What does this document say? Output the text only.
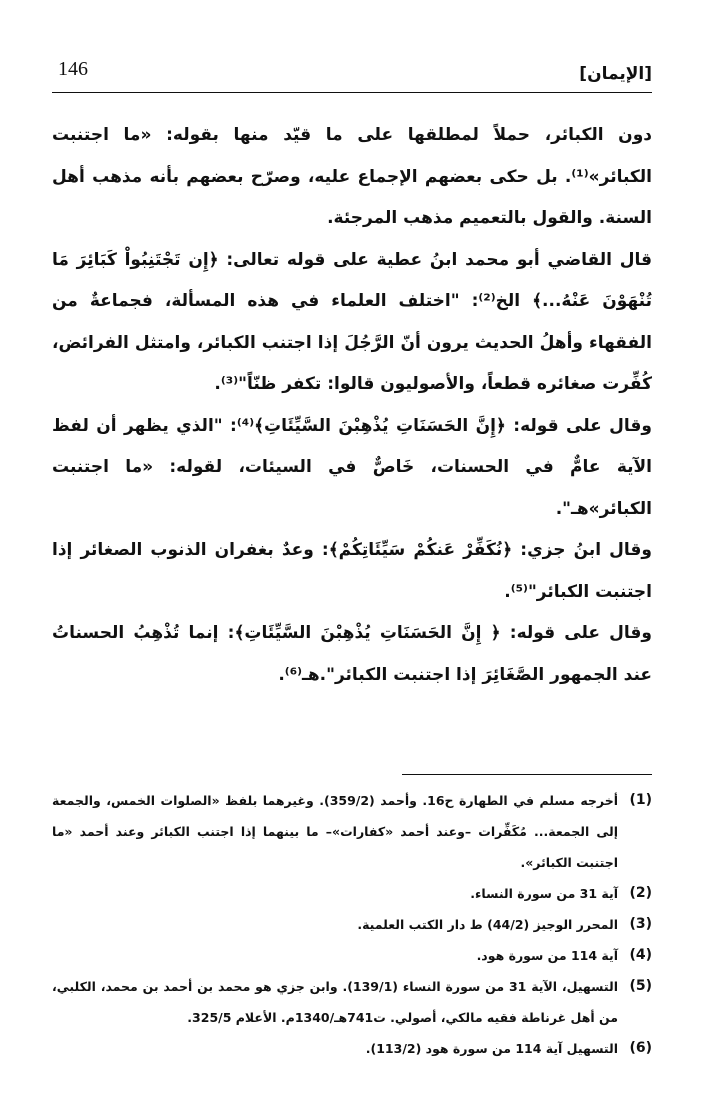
[الإيمان]
146

دون الكبائر، حملاً لمطلقها على ما قيّد منها بقوله: «ما اجتنبت الكبائر»⁽¹⁾. بل حكى بعضهم الإجماع عليه، وصرّح بعضهم بأنه مذهب أهل السنة. والقول بالتعميم مذهب المرجئة.

قال القاضي أبو محمد ابنُ عطية على قوله تعالى: ﴿إِن تَجْتَنِبُواْ كَبَائِرَ مَا تُنْهَوْنَ عَنْهُ...﴾ الخ⁽²⁾: "اختلف العلماء في هذه المسألة، فجماعةٌ من الفقهاء وأهلُ الحديث يرون أنّ الرَّجُلَ إذا اجتنب الكبائر، وامتثل الفرائض، كُفِّرت صغائره قطعاً، والأصوليون قالوا: تكفر ظنّاً"⁽³⁾.

وقال على قوله: ﴿إِنَّ الحَسَنَاتِ يُذْهِبْنَ السَّيِّئَاتِ﴾⁽⁴⁾: "الذي يظهر أن لفظ الآية عامٌّ في الحسنات، خَاصٌّ في السيئات، لقوله: «ما اجتنبت الكبائر»هـ".

وقال ابنُ جزي: ﴿نُكَفِّرْ عَنكُمْ سَيِّئَاتِكُمْ﴾: وعدٌ بغفران الذنوب الصغائر إذا اجتنبت الكبائر"⁽⁵⁾.

وقال على قوله: ﴿ إِنَّ الحَسَنَاتِ يُذْهِبْنَ السَّيِّئَاتِ﴾: إنما تُذْهِبُ الحسناتُ عند الجمهور الصَّغَائِرَ إذا اجتنبت الكبائر".هـ⁽⁶⁾.

(1)
أخرجه مسلم في الطهارة ح16. وأحمد (359/2). وغيرهما بلفظ «الصلوات الخمس، والجمعة إلى الجمعة... مُكَفِّرات –وعند أحمد «كفارات»– ما بينهما إذا اجتنب الكبائر وعند أحمد «ما اجتنبت الكبائر».
(2)
آية 31 من سورة النساء.
(3)
المحرر الوجيز (44/2) ط دار الكتب العلمية.
(4)
آية 114 من سورة هود.
(5)
التسهيل، الآية 31 من سورة النساء (139/1). وابن جزي هو محمد بن أحمد بن محمد، الكلبي، من أهل غرناطة فقيه مالكي، أصولي. ت741هـ/1340م. الأعلام 325/5.
(6)
التسهيل آية 114 من سورة هود (113/2).
